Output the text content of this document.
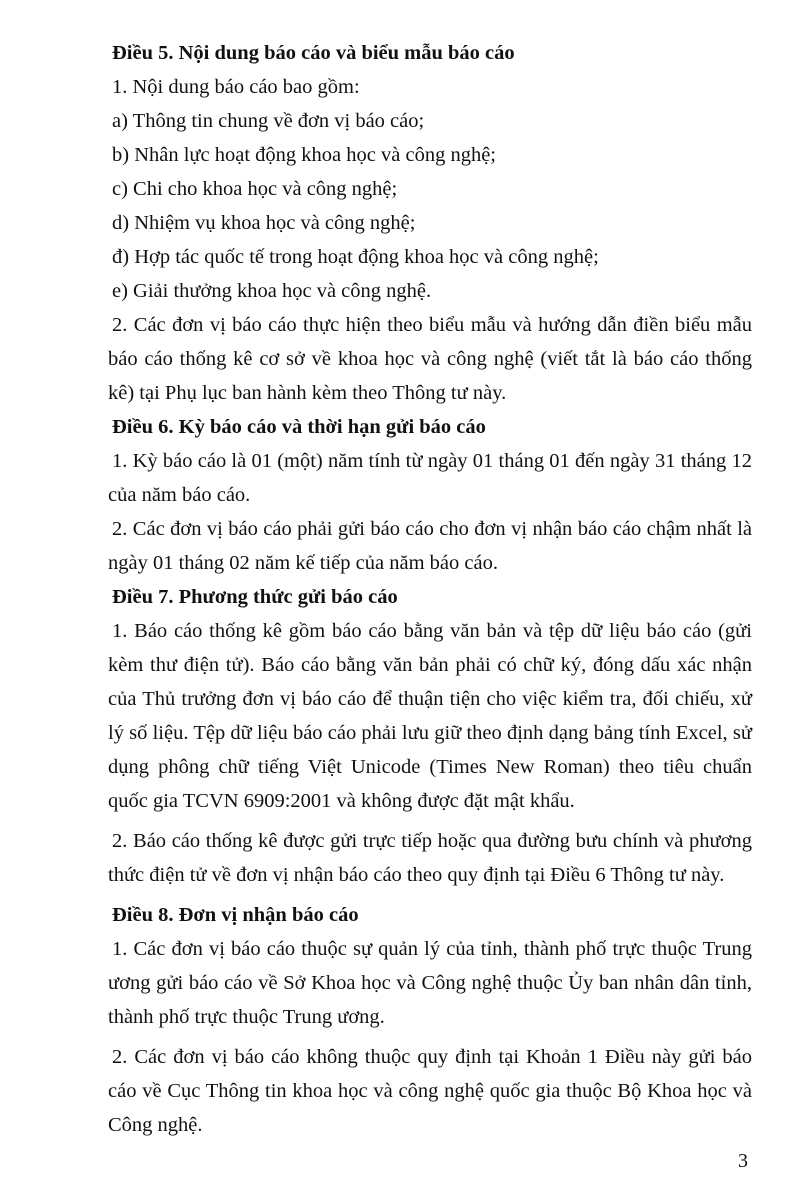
Điều 5. Nội dung báo cáo và biểu mẫu báo cáo

1. Nội dung báo cáo bao gồm:

a) Thông tin chung về đơn vị báo cáo;

b) Nhân lực hoạt động khoa học và công nghệ;

c) Chi cho khoa học và công nghệ;

d) Nhiệm vụ khoa học và công nghệ;

đ) Hợp tác quốc tế trong hoạt động khoa học và công nghệ;

e) Giải thưởng khoa học và công nghệ.

2. Các đơn vị báo cáo thực hiện theo biểu mẫu và hướng dẫn điền biểu mẫu báo cáo thống kê cơ sở về khoa học và công nghệ (viết tắt là báo cáo thống kê) tại Phụ lục ban hành kèm theo Thông tư này.

Điều 6. Kỳ báo cáo và thời hạn gửi báo cáo

1. Kỳ báo cáo là 01 (một) năm tính từ ngày 01 tháng 01 đến ngày 31 tháng 12 của năm báo cáo.

2. Các đơn vị báo cáo phải gửi báo cáo cho đơn vị nhận báo cáo chậm nhất là ngày 01 tháng 02 năm kế tiếp của năm báo cáo.

Điều 7. Phương thức gửi báo cáo

1. Báo cáo thống kê gồm báo cáo bằng văn bản và tệp dữ liệu báo cáo (gửi kèm thư điện tử). Báo cáo bằng văn bản phải có chữ ký, đóng dấu xác nhận của Thủ trưởng đơn vị báo cáo để thuận tiện cho việc kiểm tra, đối chiếu, xử lý số liệu. Tệp dữ liệu báo cáo phải lưu giữ theo định dạng bảng tính Excel, sử dụng phông chữ tiếng Việt Unicode (Times New Roman) theo tiêu chuẩn quốc gia TCVN 6909:2001 và không được đặt mật khẩu.

2. Báo cáo thống kê được gửi trực tiếp hoặc qua đường bưu chính và phương thức điện tử về đơn vị nhận báo cáo theo quy định tại Điều 6 Thông tư này.

Điều 8. Đơn vị nhận báo cáo

1. Các đơn vị báo cáo thuộc sự quản lý của tỉnh, thành phố trực thuộc Trung ương gửi báo cáo về Sở Khoa học và Công nghệ thuộc Ủy ban nhân dân tỉnh, thành phố trực thuộc Trung ương.

2. Các đơn vị báo cáo không thuộc quy định tại Khoản 1 Điều này gửi báo cáo về Cục Thông tin khoa học và công nghệ quốc gia thuộc Bộ Khoa học và Công nghệ.

3
